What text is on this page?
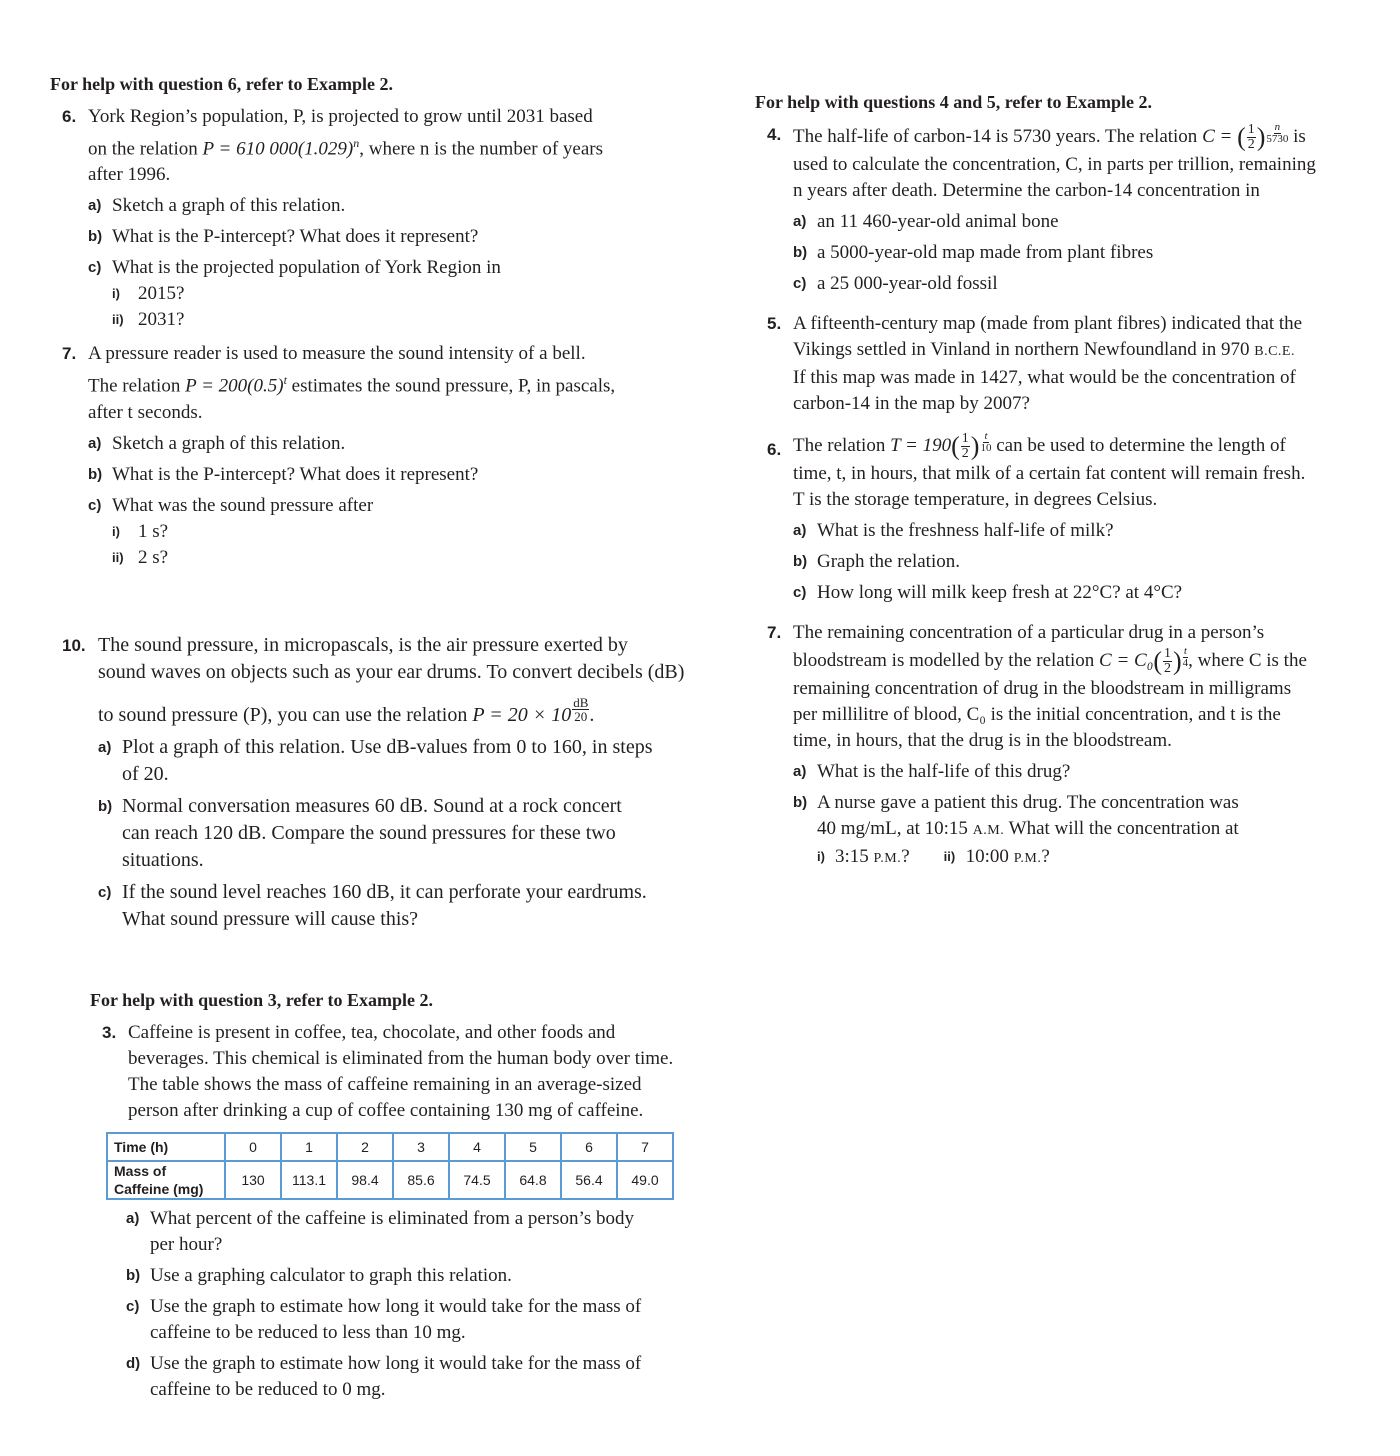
For help with question 6, refer to Example 2.
6. York Region’s population, P, is projected to grow until 2031 based
on the relation P = 610 $000(1.029)^n$, where n is the number of years
after 1996.
a) Sketch a graph of this relation.
b) What is the P-intercept? What does it represent?
c) What is the projected population of York Region in
i) 2015?
ii) 2031?
7. A pressure reader is used to measure the sound intensity of a bell.
The relation $P = 200(0.5)^t$ estimates the sound pressure, P, in pascals,
after t seconds.
a) Sketch a graph of this relation.
b) What is the P-intercept? What does it represent?
c) What was the sound pressure after
i) 1 s?
ii) 2 s?
10. The sound pressure, in micropascals, is the air pressure exerted by
sound waves on objects such as your ear drums. To convert decibels (dB)
to sound pressure (P), you can use the relation $P = 20 \times 10 \frac{dB}{20}$ .
a) Plot a graph of this relation. Use dB-values from 0 to 160, in steps
of 20.
b) Normal conversation measures 60 dB. Sound at a rock concert
can reach 120 dB. Compare the sound pressures for these two
situations.
c) If the sound level reaches 160 dB, it can perforate your eardrums.
What sound pressure will cause this?
For help with question 3, refer to Example 2.
3. Caffeine is present in coffee, tea, chocolate, and other foods and
beverages. This chemical is eliminated from the human body over time.
The table shows the mass of caffeine remaining in an average-sized
person after drinking a cup of coffee containing 130 mg of caffeine.
Time (h)	0	1	2	3	4	5	6	7
Mass of
Caffeine (mg)	130	113.1	98.4	85.6	74.5	64.8	56.4	49.0
a) What percent of the caffeine is eliminated from a person’s body
per hour?
b) Use a graphing calculator to graph this relation.
c) Use the graph to estimate how long it would take for the mass of
caffeine to be reduced to less than 10 mg.
d) Use the graph to estimate how long it would take for the mass of
caffeine to be reduced to 0 mg.
For help with questions 4 and 5, refer to Example 2.
4. The half-life of carbon-14 is 5730 years. The relation C = ( $\frac{1}{2}$ ) $\frac{n}{5730}$ is
used to calculate the concentration, C, in parts per trillion, remaining
n years after death. Determine the carbon-14 concentration in
a) an 11 460-year-old animal bone
b) a 5000-year-old map made from plant fibres
c) a 25 000-year-old fossil
5. A fifteenth-century map (made from plant fibres) indicated that the
Vikings settled in Vinland in northern Newfoundland in 970 B.C.E.
If this map was made in 1427, what would be the concentration of
carbon-14 in the map by 2007?
6. The relation $T = 190( \frac{1}{2}$ ) $\frac{t}{10}$ can be used to determine the length of
time, t, in hours, that milk of a certain fat content will remain fresh.
T is the storage temperature, in degrees Celsius.
a) What is the freshness half-life of milk?
b) Graph the relation.
c) How long will milk keep fresh at 22°C? at 4°C?
7. The remaining concentration of a particular drug in a person’s
bloodstream is modelled by the relation $C = C_0( \frac{1}{2}$ ) $\frac{t}{4}$ , where C is the
remaining concentration of drug in the bloodstream in milligrams
per millilitre of blood, C₀ is the initial concentration, and t is the
time, in hours, that the drug is in the bloodstream.
a) What is the half-life of this drug?
b) A nurse gave a patient this drug. The concentration was
40 mg/mL, at 10:15 A.M. What will the concentration at
i) 3:15 P.M.?	ii) 10:00 P.M.?
